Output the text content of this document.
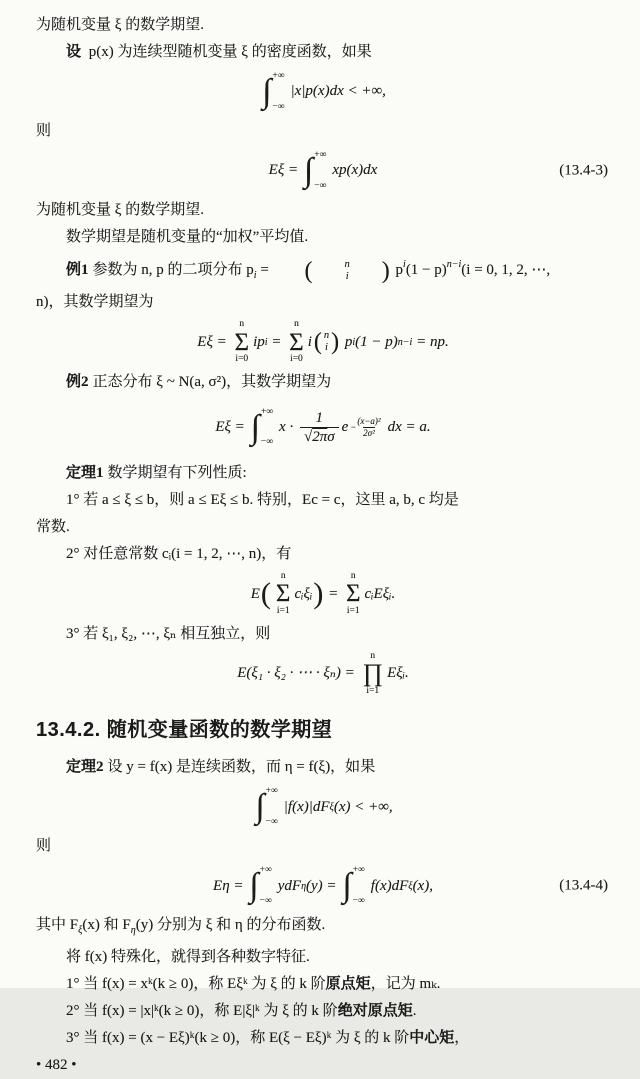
为随机变量 ξ 的数学期望.

设 p(x) 为连续型随机变量 ξ 的密度函数，如果

∫ +∞
−∞
|x|p(x)dx < +∞,

则

Eξ = ∫ +∞
−∞
xp(x)dx	(13.4-3)

为随机变量 ξ 的数学期望.

数学期望是随机变量的“加权”平均值.

例1 参数为 n, p 的二项分布 $p_i$ =	(	n
i	) $p^i(1 - p)^{n-i}(i = 0$, 1, 2, ⋯,

n)，其数学期望为

Eξ =
n
Σ
i=0
ip i =
n
Σ
i=0
i ( n
i ) p i (1 − p) n−i = np.

例2 正态分布 ξ ~ N(a, σ²)，其数学期望为

Eξ = ∫ +∞
−∞
$x \cdot \frac{1}{√2\pi\sigma}$ $e - \frac{\text{(x−a)²}}{\text{2σ²}}$ dx = a.

定理1 数学期望有下列性质:

1° 若 a ≤ ξ ≤ b，则 a ≤ Eξ ≤ b. 特别，Ec = c，这里 a, b, c 均是

常数.

2° 对任意常数 cᵢ(i = 1, 2, ⋯, n)，有

E (
n
Σ
i=1
cᵢξᵢ ) =
n
Σ
i=1
cᵢEξᵢ.

3° 若 ξ₁, ξ₂, ⋯, ξₙ 相互独立，则

E(ξ₁ · ξ₂ · ⋯ · ξₙ) =
n
∏
i=1
Eξᵢ.
13.4.2. 随机变量函数的数学期望

定理2 设 y = f(x) 是连续函数，而 η = f(ξ)，如果

∫ +∞
−∞
|f(x)|dF ξ (x) < +∞,

则

Eη = ∫ +∞
−∞
ydF η (y) = ∫ +∞
−∞
f(x)dF ξ (x),	(13.4-4)

其中 $F_\xi(x)$ 和 $F_\eta(y)$ 分别为 ξ 和 η 的分布函数.

将 f(x) 特殊化，就得到各种数字特征.

1° 当 f(x) = xᵏ(k ≥ 0)，称 Eξᵏ 为 ξ 的 k 阶原点矩，记为 mₖ.

2° 当 f(x) = |x|ᵏ(k ≥ 0)，称 E|ξ|ᵏ 为 ξ 的 k 阶绝对原点矩.

3° 当 f(x) = (x − Eξ)ᵏ(k ≥ 0)，称 E(ξ − Eξ)ᵏ 为 ξ 的 k 阶中心矩，

• 482 •
